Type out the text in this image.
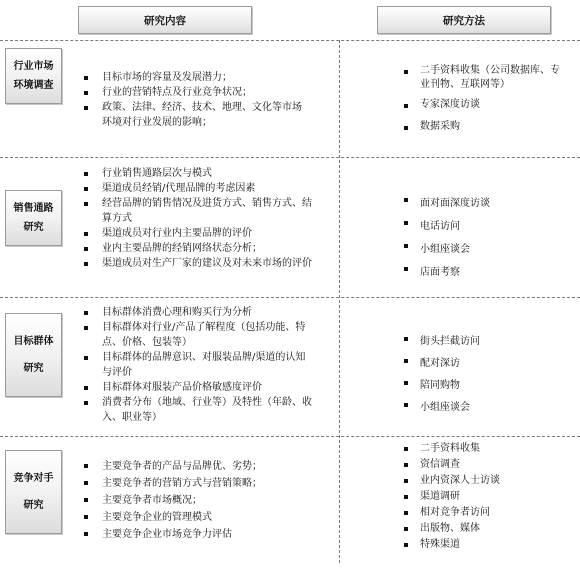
研究内容	研究方法
行业市场
环境调查
目标市场的容量及发展潜力；
行业的营销特点及行业竞争状况；
政策、法律、经济、技术、地理、文化等市场环境对行业发展的影响；
二手资料收集（公司数据库、专业刊物、互联网等）
专家深度访谈
数据采购
销售通路
研究
行业销售通路层次与模式
渠道成员经销/代理品牌的考虑因素
经营品牌的销售情况及进货方式、销售方式、结算方式
渠道成员对行业内主要品牌的评价
业内主要品牌的经销网络状态分析；
渠道成员对生产厂家的建议及对未来市场的评价
面对面深度访谈
电话访问
小组座谈会
店面考察
目标群体
研究
目标群体消费心理和购买行为分析
目标群体对行业/产品了解程度（包括功能、特点、价格、包装等）
目标群体的品牌意识、对服装品牌/渠道的认知与评价
目标群体对服装产品价格敏感度评价
消费者分布（地域、行业等）及特性（年龄、收入、职业等）
街头拦截访问
配对深访
陪同购物
小组座谈会
竞争对手
研究
主要竞争者的产品与品牌优、劣势；
主要竞争者的营销方式与营销策略；
主要竞争者市场概况；
主要竞争企业的管理模式
主要竞争企业市场竞争力评估
二手资料收集
资信调查
业内资深人士访谈
渠道调研
相对竞争者访问
出版物、媒体
特殊渠道
